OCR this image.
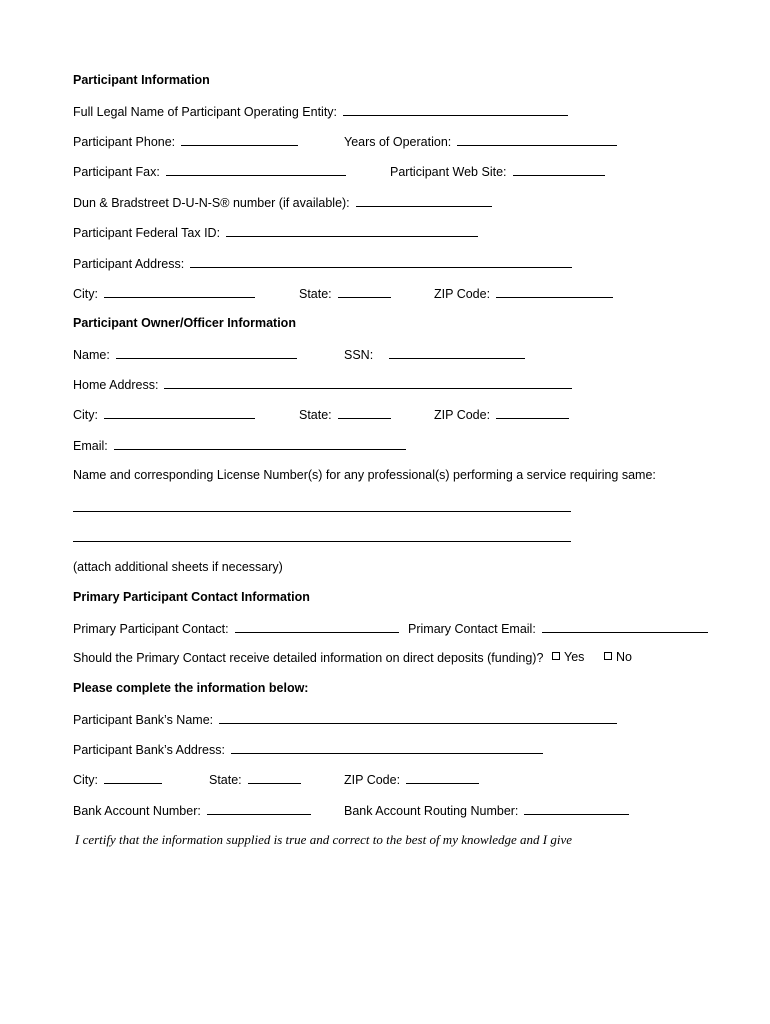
Participant Information
Full Legal Name of Participant Operating Entity:
Participant Phone:	Years of Operation:
Participant Fax:	Participant Web Site:
Dun & Bradstreet D-U-N-S® number (if available):
Participant Federal Tax ID:
Participant Address:
City:	State:	ZIP Code:
Participant Owner/Officer Information
Name:	SSN:
Home Address:
City:	State:	ZIP Code:
Email:
Name and corresponding License Number(s) for any professional(s) performing a service requiring same:
(attach additional sheets if necessary)
Primary Participant Contact Information
Primary Participant Contact:	Primary Contact Email:
Should the Primary Contact receive detailed information on direct deposits (funding)?	Yes	No
Please complete the information below:
Participant Bank’s Name:
Participant Bank’s Address:
City:	State:	ZIP Code:
Bank Account Number:	Bank Account Routing Number:
I certify that the information supplied is true and correct to the best of my knowledge and I give
